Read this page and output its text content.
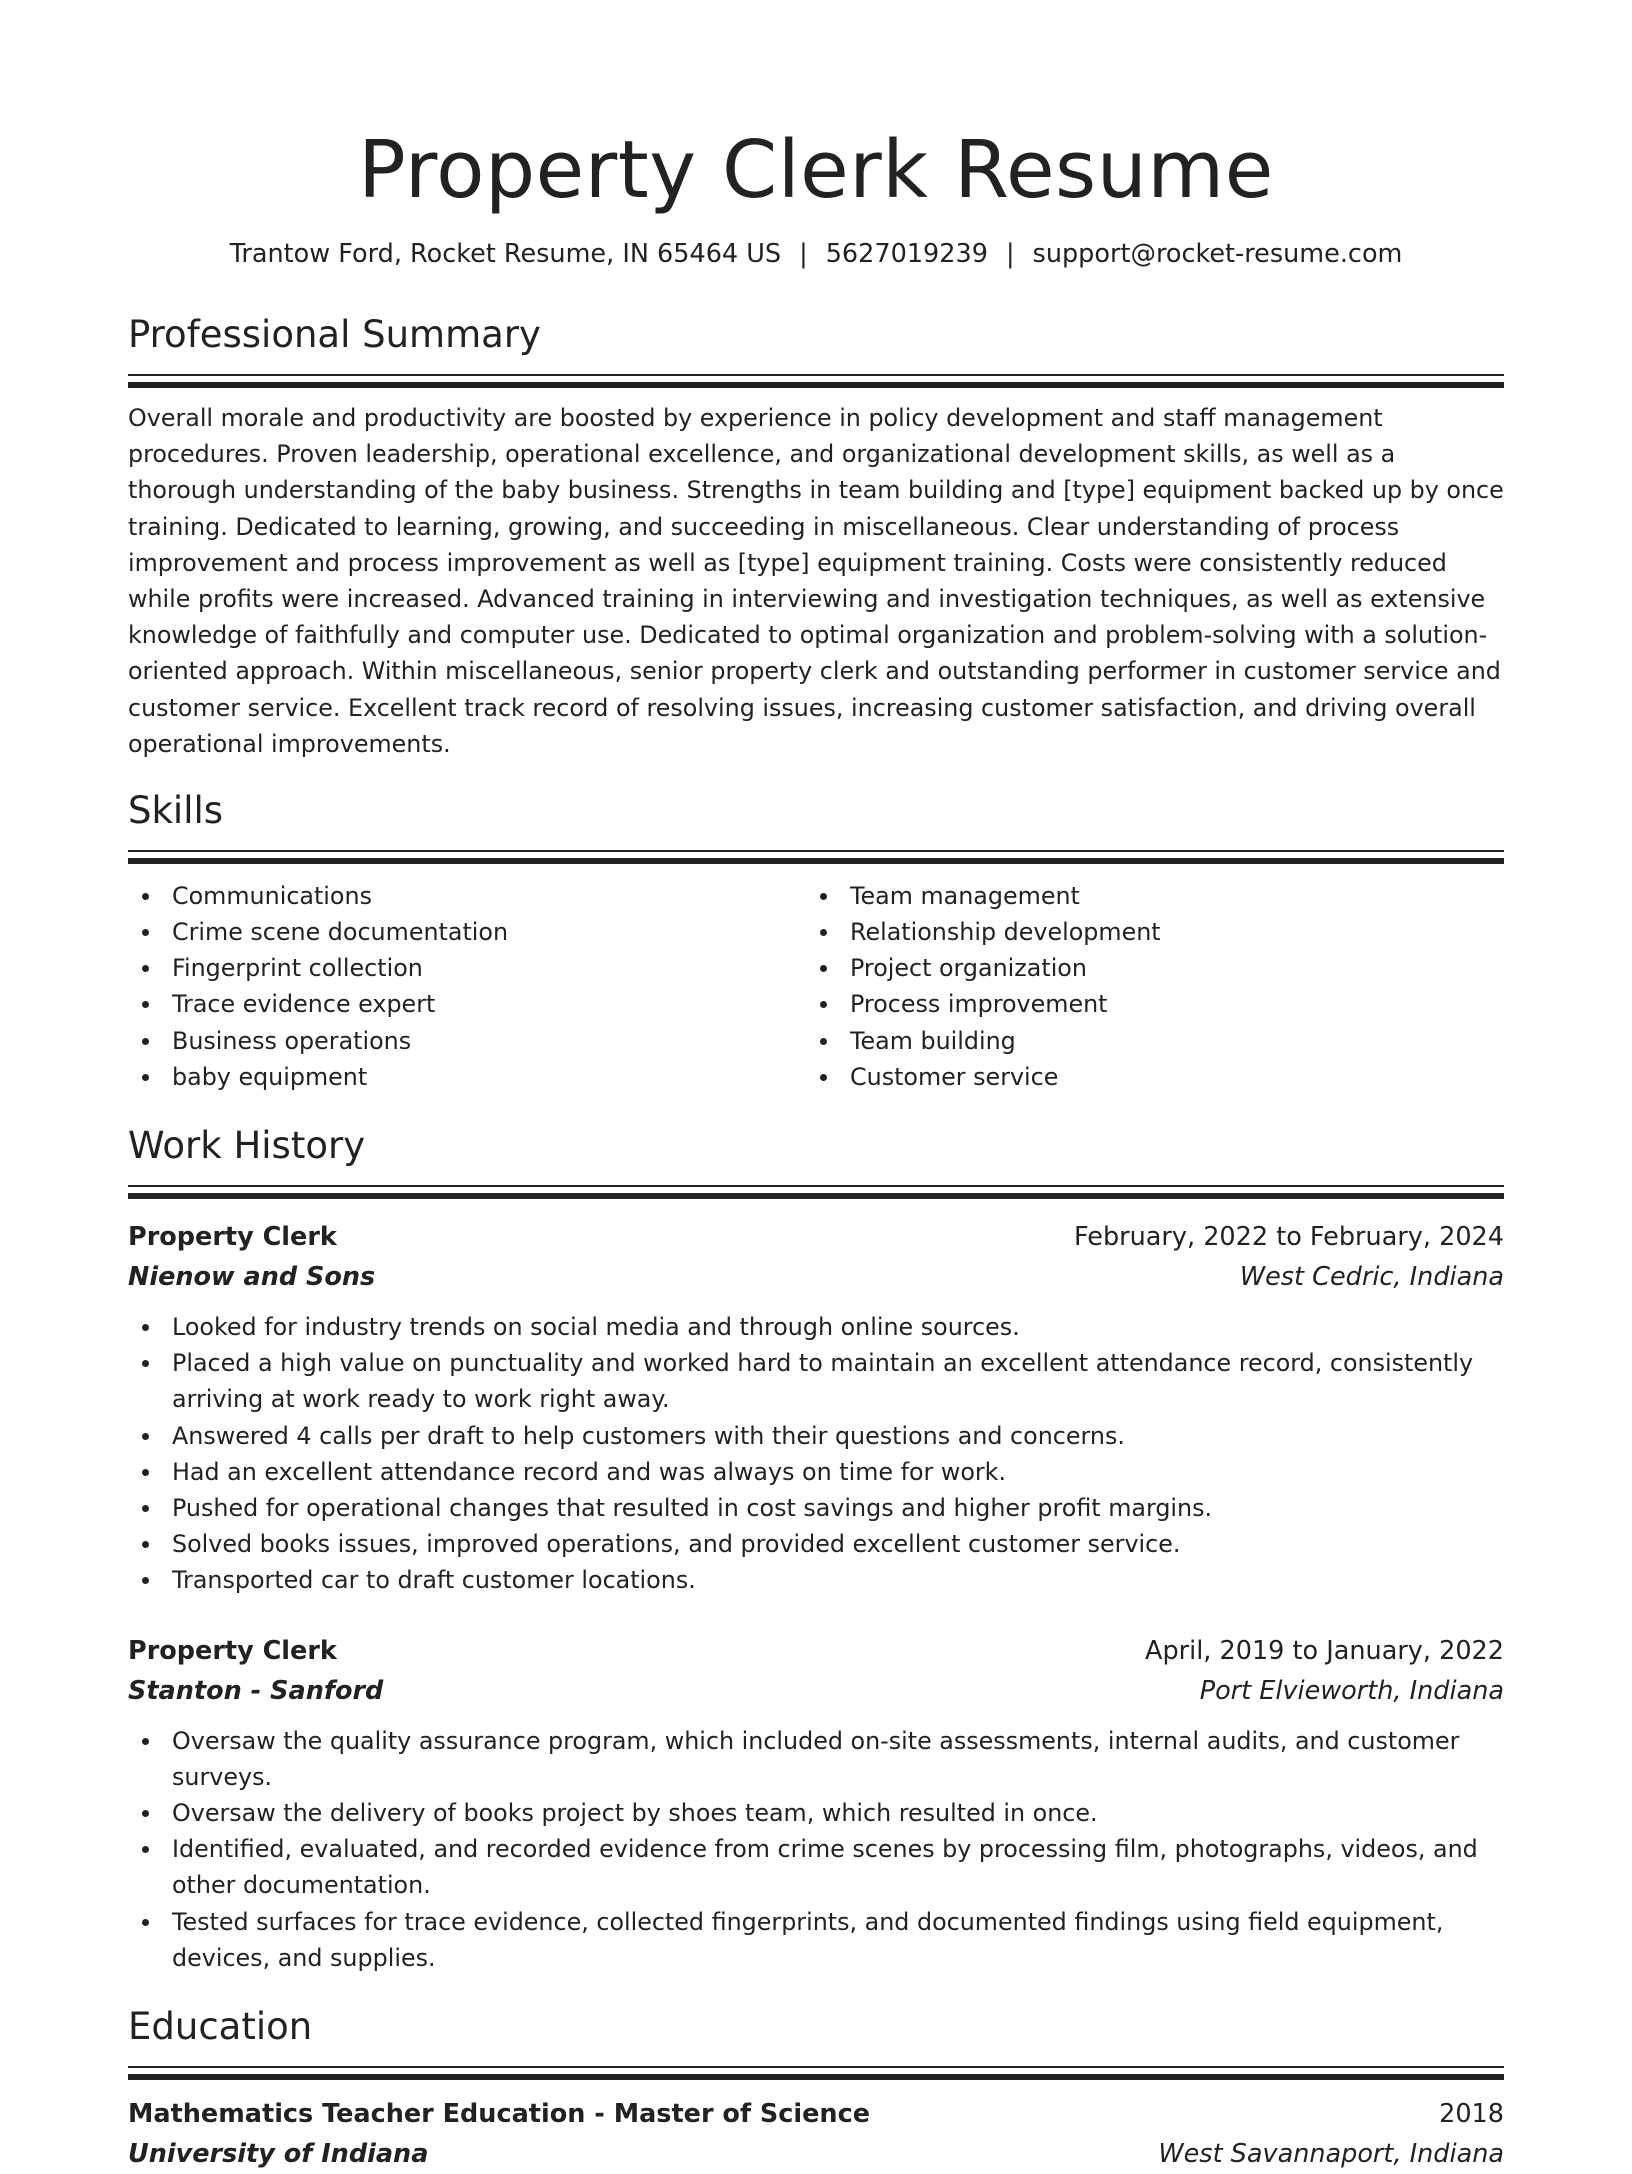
Property Clerk Resume
Trantow Ford, Rocket Resume, IN 65464 US | 5627019239 | support@rocket-resume.com
Professional Summary

Overall morale and productivity are boosted by experience in policy development and staff management procedures. Proven leadership, operational excellence, and organizational development skills, as well as a thorough understanding of the baby business. Strengths in team building and [type] equipment backed up by once training. Dedicated to learning, growing, and succeeding in miscellaneous. Clear understanding of process improvement and process improvement as well as [type] equipment training. Costs were consistently reduced while profits were increased. Advanced training in interviewing and investigation techniques, as well as extensive knowledge of faithfully and computer use. Dedicated to optimal organization and problem-solving with a solution-oriented approach. Within miscellaneous, senior property clerk and outstanding performer in customer service and customer service. Excellent track record of resolving issues, increasing customer satisfaction, and driving overall operational improvements.

Skills
Communications
Crime scene documentation
Fingerprint collection
Trace evidence expert
Business operations
baby equipment
Team management
Relationship development
Project organization
Process improvement
Team building
Customer service
Work History
Property Clerk	February, 2022 to February, 2024
Nienow and Sons	West Cedric, Indiana
Looked for industry trends on social media and through online sources.
Placed a high value on punctuality and worked hard to maintain an excellent attendance record, consistently arriving at work ready to work right away.
Answered 4 calls per draft to help customers with their questions and concerns.
Had an excellent attendance record and was always on time for work.
Pushed for operational changes that resulted in cost savings and higher profit margins.
Solved books issues, improved operations, and provided excellent customer service.
Transported car to draft customer locations.
Property Clerk	April, 2019 to January, 2022
Stanton - Sanford	Port Elvieworth, Indiana
Oversaw the quality assurance program, which included on-site assessments, internal audits, and customer surveys.
Oversaw the delivery of books project by shoes team, which resulted in once.
Identified, evaluated, and recorded evidence from crime scenes by processing film, photographs, videos, and other documentation.
Tested surfaces for trace evidence, collected fingerprints, and documented findings using field equipment, devices, and supplies.
Education
Mathematics Teacher Education - Master of Science	2018
University of Indiana	West Savannaport, Indiana
